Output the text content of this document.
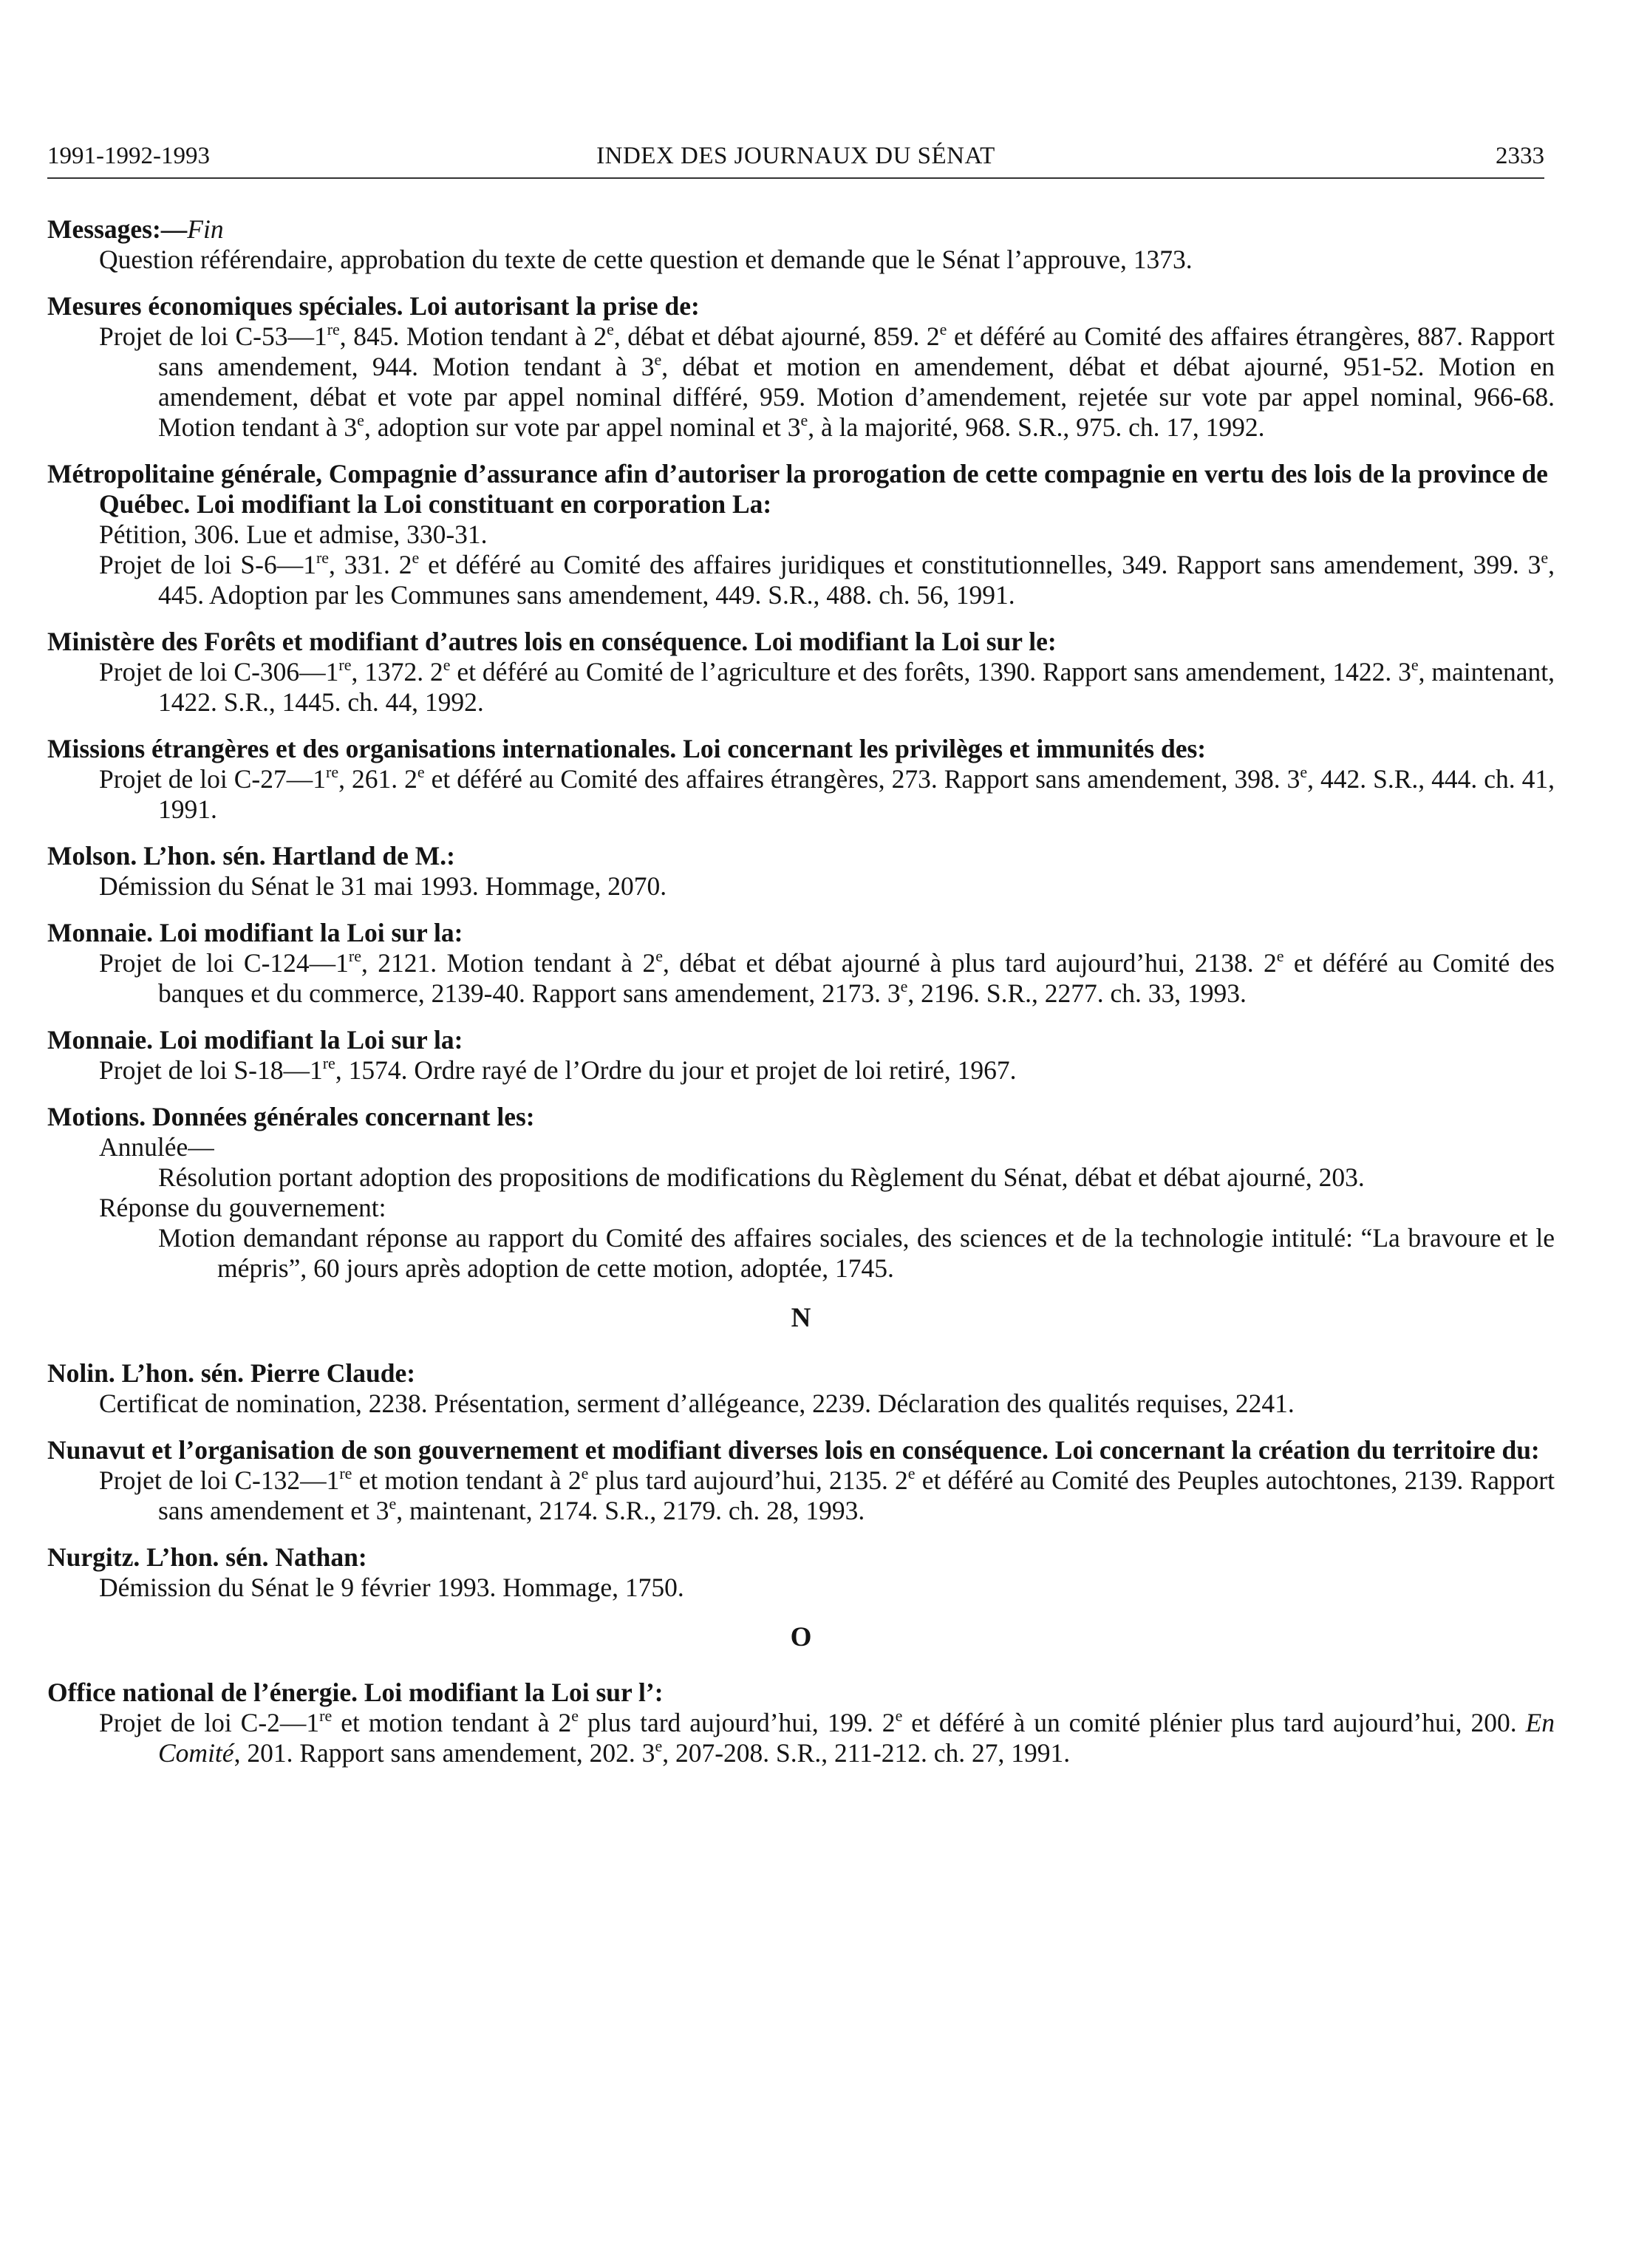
1991-1992-1993	INDEX DES JOURNAUX DU SÉNAT	2333
Messages:—Fin
Question référendaire, approbation du texte de cette question et demande que le Sénat l’approuve, 1373.
Mesures économiques spéciales. Loi autorisant la prise de:
Projet de loi C-53—1re, 845. Motion tendant à 2e, débat et débat ajourné, 859. 2e et déféré au Comité des affaires étrangères, 887. Rapport sans amendement, 944. Motion tendant à 3e, débat et motion en amendement, débat et débat ajourné, 951-52. Motion en amendement, débat et vote par appel nominal différé, 959. Motion d’amendement, rejetée sur vote par appel nominal, 966-68. Motion tendant à 3e, adoption sur vote par appel nominal et 3e, à la majorité, 968. S.R., 975. ch. 17, 1992.
Métropolitaine générale, Compagnie d’assurance afin d’autoriser la prorogation de cette compagnie en vertu des lois de la province de Québec. Loi modifiant la Loi constituant en corporation La:
Pétition, 306. Lue et admise, 330-31.
Projet de loi S-6—1re, 331. 2e et déféré au Comité des affaires juridiques et constitutionnelles, 349. Rapport sans amendement, 399. 3e, 445. Adoption par les Communes sans amendement, 449. S.R., 488. ch. 56, 1991.
Ministère des Forêts et modifiant d’autres lois en conséquence. Loi modifiant la Loi sur le:
Projet de loi C-306—1re, 1372. 2e et déféré au Comité de l’agriculture et des forêts, 1390. Rapport sans amendement, 1422. 3e, maintenant, 1422. S.R., 1445. ch. 44, 1992.
Missions étrangères et des organisations internationales. Loi concernant les privilèges et immunités des:
Projet de loi C-27—1re, 261. 2e et déféré au Comité des affaires étrangères, 273. Rapport sans amendement, 398. 3e, 442. S.R., 444. ch. 41, 1991.
Molson. L’hon. sén. Hartland de M.:
Démission du Sénat le 31 mai 1993. Hommage, 2070.
Monnaie. Loi modifiant la Loi sur la:
Projet de loi C-124—1re, 2121. Motion tendant à 2e, débat et débat ajourné à plus tard aujourd’hui, 2138. 2e et déféré au Comité des banques et du commerce, 2139-40. Rapport sans amendement, 2173. 3e, 2196. S.R., 2277. ch. 33, 1993.
Monnaie. Loi modifiant la Loi sur la:
Projet de loi S-18—1re, 1574. Ordre rayé de l’Ordre du jour et projet de loi retiré, 1967.
Motions. Données générales concernant les:
Annulée—
Résolution portant adoption des propositions de modifications du Règlement du Sénat, débat et débat ajourné, 203.
Réponse du gouvernement:
Motion demandant réponse au rapport du Comité des affaires sociales, des sciences et de la technologie intitulé: “La bravoure et le mépris”, 60 jours après adoption de cette motion, adoptée, 1745.
N
Nolin. L’hon. sén. Pierre Claude:
Certificat de nomination, 2238. Présentation, serment d’allégeance, 2239. Déclaration des qualités requises, 2241.
Nunavut et l’organisation de son gouvernement et modifiant diverses lois en conséquence. Loi concernant la création du territoire du:
Projet de loi C-132—1re et motion tendant à 2e plus tard aujourd’hui, 2135. 2e et déféré au Comité des Peuples autochtones, 2139. Rapport sans amendement et 3e, maintenant, 2174. S.R., 2179. ch. 28, 1993.
Nurgitz. L’hon. sén. Nathan:
Démission du Sénat le 9 février 1993. Hommage, 1750.
O
Office national de l’énergie. Loi modifiant la Loi sur l’:
Projet de loi C-2—1re et motion tendant à 2e plus tard aujourd’hui, 199. 2e et déféré à un comité plénier plus tard aujourd’hui, 200. En Comité, 201. Rapport sans amendement, 202. 3e, 207-208. S.R., 211-212. ch. 27, 1991.
